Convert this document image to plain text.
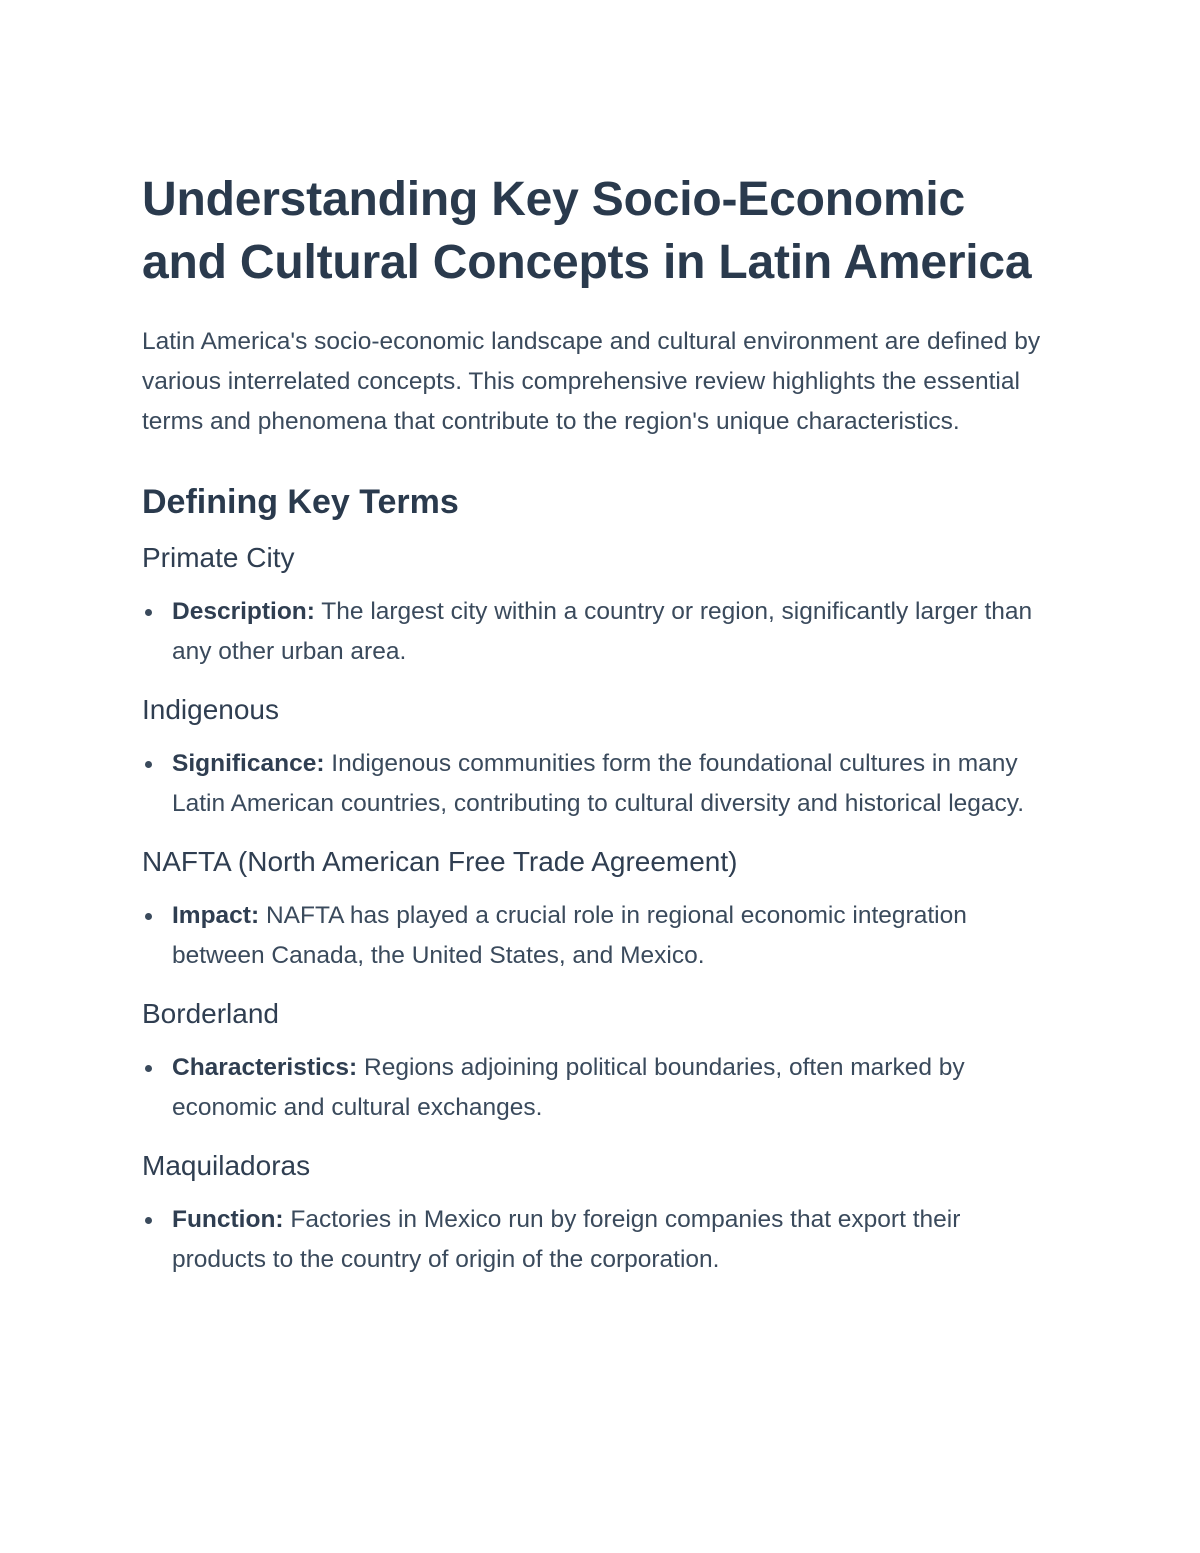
Understanding Key Socio-Economic and Cultural Concepts in Latin America

Latin America's socio-economic landscape and cultural environment are defined by various interrelated concepts. This comprehensive review highlights the essential terms and phenomena that contribute to the region's unique characteristics.

Defining Key Terms
Primate City
Description: The largest city within a country or region, significantly larger than any other urban area.
Indigenous
Significance: Indigenous communities form the foundational cultures in many Latin American countries, contributing to cultural diversity and historical legacy.
NAFTA (North American Free Trade Agreement)
Impact: NAFTA has played a crucial role in regional economic integration between Canada, the United States, and Mexico.
Borderland
Characteristics: Regions adjoining political boundaries, often marked by economic and cultural exchanges.
Maquiladoras
Function: Factories in Mexico run by foreign companies that export their products to the country of origin of the corporation.
